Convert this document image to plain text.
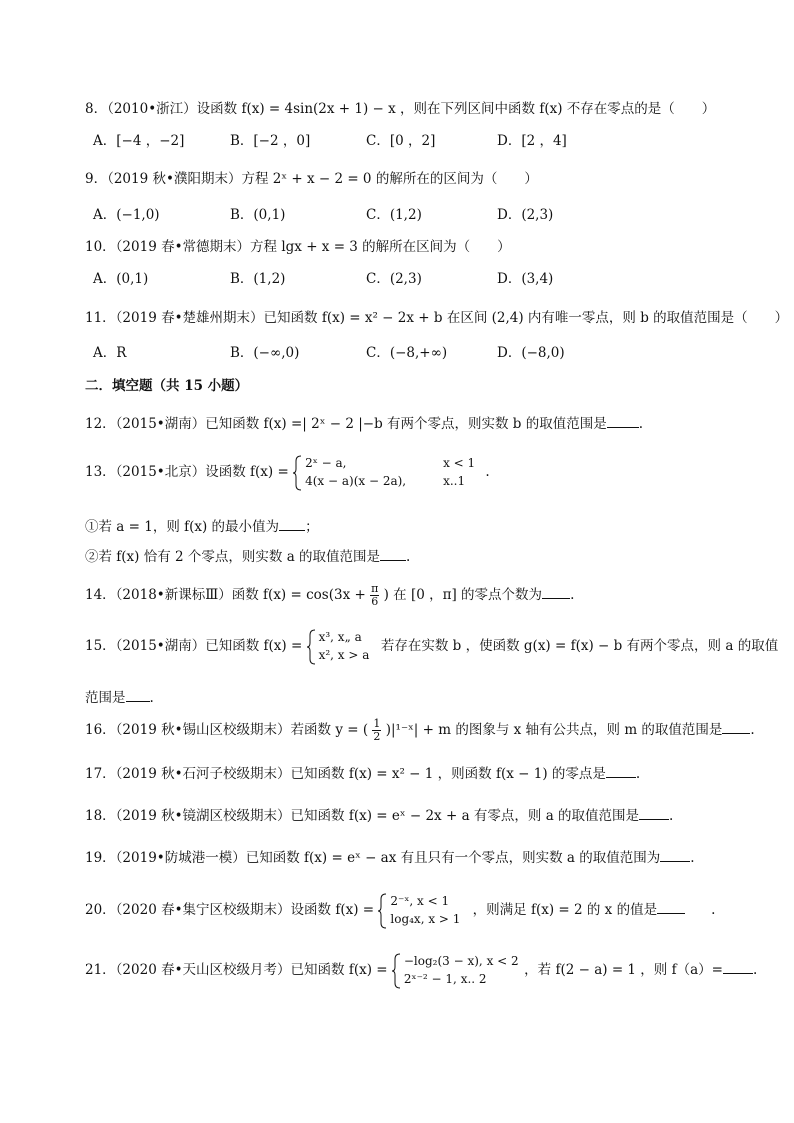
8．（2010•浙江）设函数 f(x) = 4sin(2x + 1) − x ，则在下列区间中函数 f(x) 不存在零点的是（　　）
A．[−4 ，−2]	B．[−2 ，0]	C．[0 ，2]	D．[2 ，4]
9．（2019 秋•濮阳期末）方程 2ˣ + x − 2 = 0 的解所在的区间为（　　）
A．(−1,0)	B．(0,1)	C．(1,2)	D．(2,3)
10．（2019 春•常德期末）方程 lgx + x = 3 的解所在区间为（　　）
A．(0,1)	B．(1,2)	C．(2,3)	D．(3,4)
11．（2019 春•楚雄州期末）已知函数 f(x) = x² − 2x + b 在区间 (2,4) 内有唯一零点，则 b 的取值范围是（　　）
A．R	B．(−∞,0)	C．(−8,+∞)	D．(−8,0)
二．填空题（共 15 小题）
12．（2015•湖南）已知函数 f(x) =| 2ˣ − 2 |−b 有两个零点，则实数 b 的取值范围是 .
13．（2015•北京）设函数 f(x) =
2ˣ − a,	x < 1
4(x − a)(x − 2a),	x..1
.
①若 a = 1，则 f(x) 的最小值为 ；
②若 f(x) 恰有 2 个零点，则实数 a 的取值范围是 .
14．（2018•新课标Ⅲ）函数 $f(x) = \cos(3x + \frac{\pi}{6}$ ) 在 [0 ，π] 的零点个数为 .
15．（2015•湖南）已知函数 f(x) =
x³, x„ a
x², x > a
若存在实数 b ，使函数 g(x) = f(x) − b 有两个零点，则 a 的取值
范围是 .
16．（2019 秋•锡山区校级期末）若函数 y = ( $\frac{1}{2}$ )|¹⁻ˣ| + m 的图象与 x 轴有公共点，则 m 的取值范围是 .
17．（2019 秋•石河子校级期末）已知函数 f(x) = x² − 1 ，则函数 f(x − 1) 的零点是 .
18．（2019 秋•镜湖区校级期末）已知函数 f(x) = eˣ − 2x + a 有零点，则 a 的取值范围是 .
19．（2019•防城港一模）已知函数 f(x) = eˣ − ax 有且只有一个零点，则实数 a 的取值范围为 .
20．（2020 春•集宁区校级期末）设函数 f(x) =
2⁻ˣ, x < 1
log₄x, x > 1
，则满足 f(x) = 2 的 x 的值是	.
21．（2020 春•天山区校级月考）已知函数 f(x) =
−log₂(3 − x), x < 2
2ˣ⁻² − 1, x.. 2
，若 f(2 − a) = 1 ，则 f（a）= .
